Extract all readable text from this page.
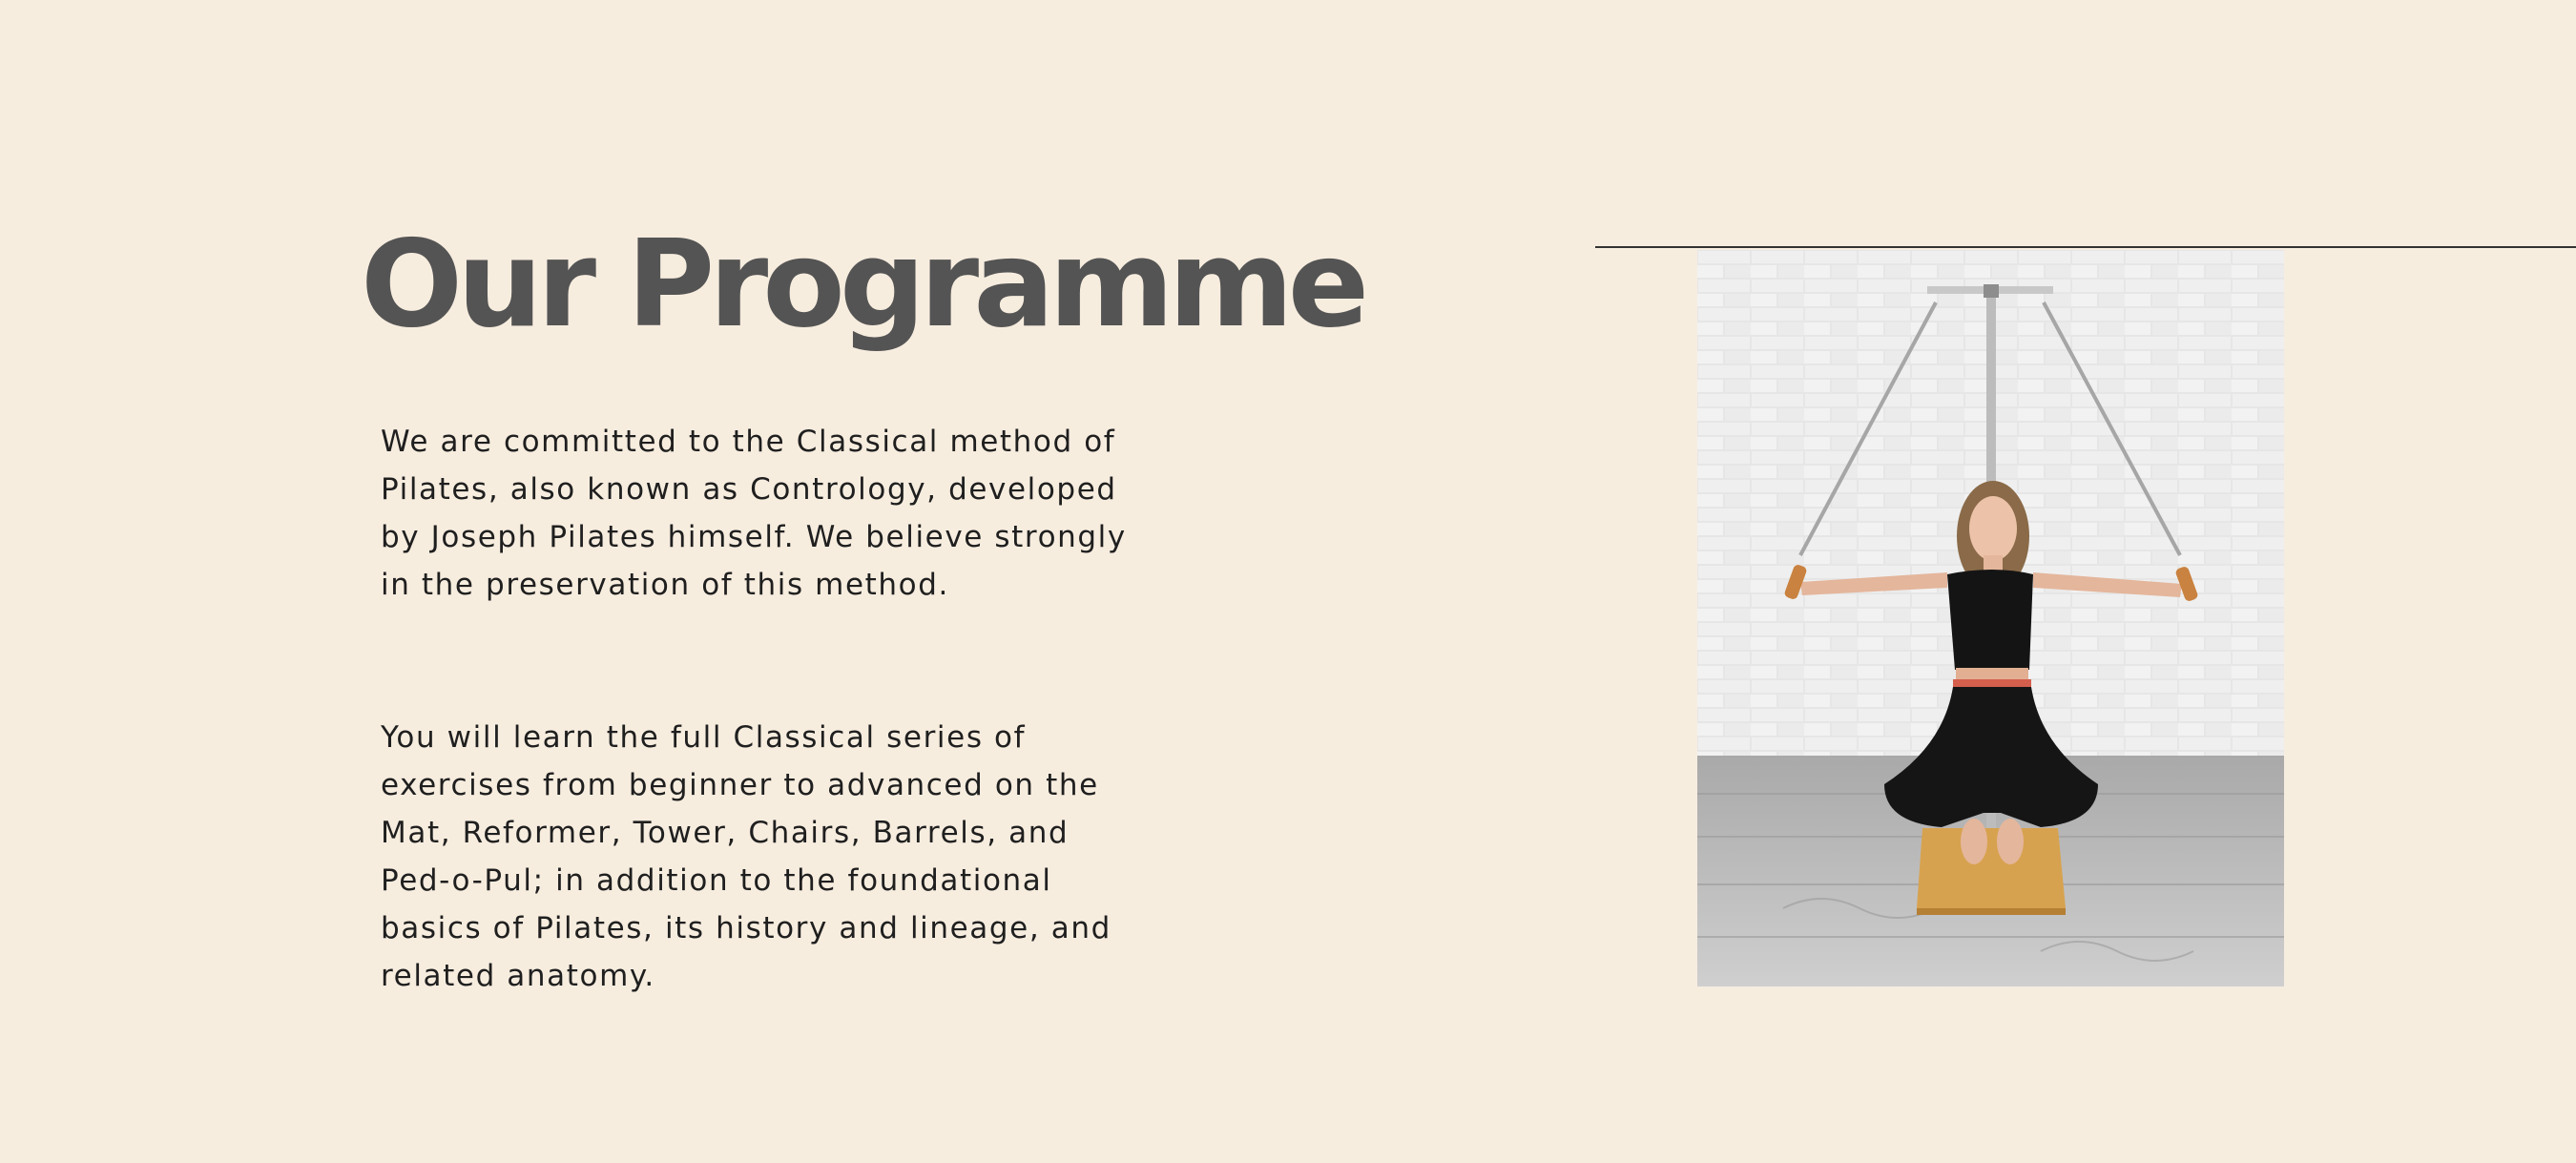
Our Programme

We are committed to the Classical method of Pilates, also known as Contrology, developed by Joseph Pilates himself. We believe strongly in the preservation of this method.

You will learn the full Classical series of exercises from beginner to advanced on the Mat, Reformer, Tower, Chairs, Barrels, and Ped-o-Pul; in addition to the foundational basics of Pilates, its history and lineage, and related anatomy.
